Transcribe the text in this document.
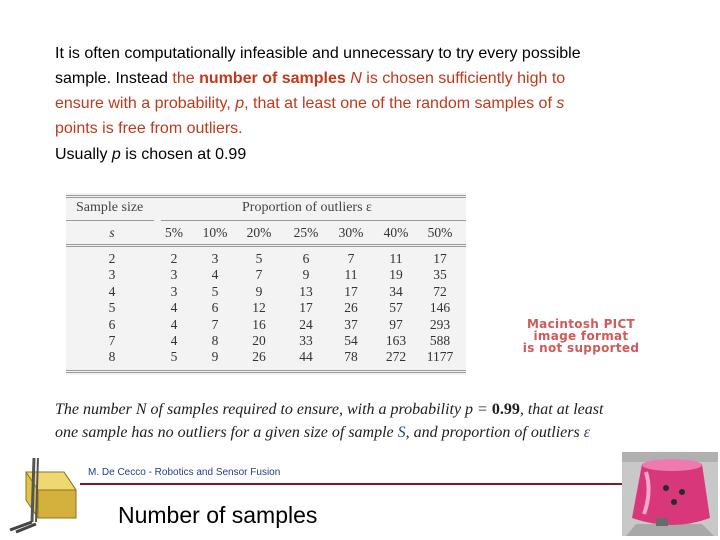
It is often computationally infeasible and unnecessary to try every possible
sample. Instead the number of samples N is chosen sufficiently high to
ensure with a probability, p, that at least one of the random samples of s
points is free from outliers.
Usually p is chosen at 0.99
Sample size	Proportion of outliers ε
s	5%	10%	20%	25%	30%	40%	50%
2	2	3	5	6	7	11	17
3	3	4	7	9	11	19	35
4	3	5	9	13	17	34	72
5	4	6	12	17	26	57	146
6	4	7	16	24	37	97	293
7	4	8	20	33	54	163	588
8	5	9	26	44	78	272	1177
Macintosh PICT
image format
is not supported
The number N of samples required to ensure, with a probability p = 0.99, that at least
one sample has no outliers for a given size of sample S, and proportion of outliers ε
M. De Cecco - Robotics and Sensor Fusion
Number of samples
